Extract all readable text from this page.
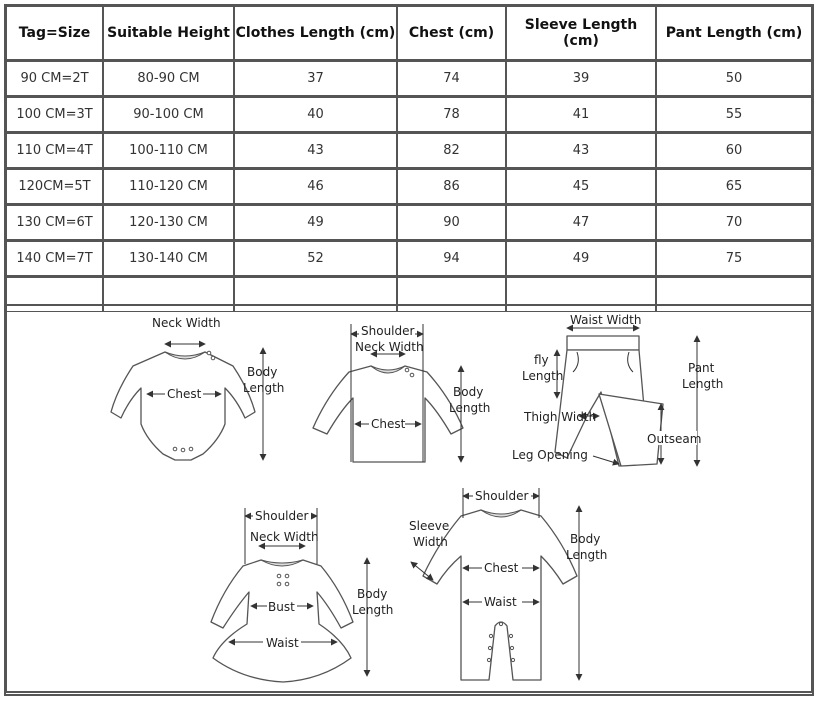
Tag=Size	Suitable Height	Clothes Length (cm)	Chest (cm)	Sleeve Length (cm)	Pant Length (cm)
90 CM=2T	80-90 CM	37	74	39	50
100 CM=3T	90-100 CM	40	78	41	55
110 CM=4T	100-110 CM	43	82	43	60
120CM=5T	110-120 CM	46	86	45	65
130 CM=6T	120-130 CM	49	90	47	70
140 CM=7T	130-140 CM	52	94	49	75

Neck Width
Chest
Body
Length
Shoulder
Neck Width
Chest
Body
Length
Waist Width
fly
Length
Pant
Length
Thigh Width
Outseam
Leg Opening
Shoulder
Neck Width
Bust
Waist
Body
Length
Shoulder
Sleeve
Width
Chest
Waist
Body
Length
